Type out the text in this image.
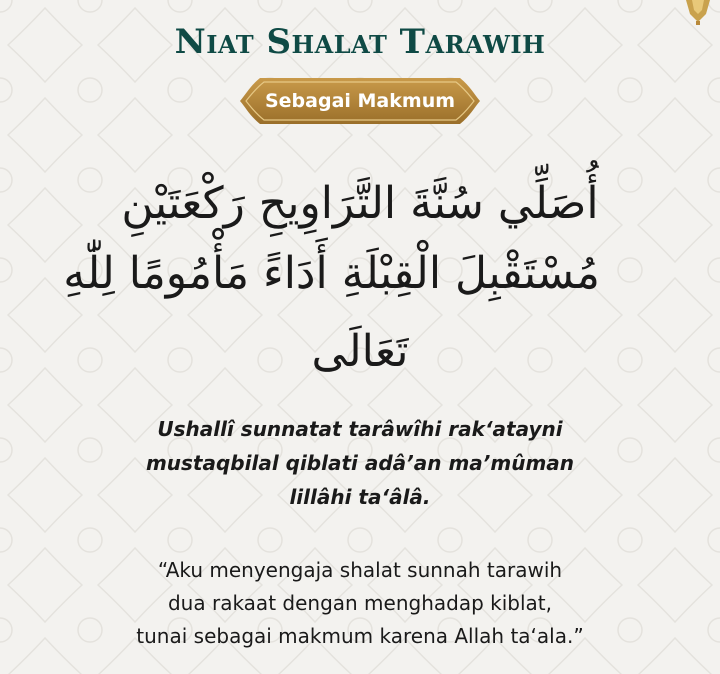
Niat Shalat Tarawih
Sebagai Makmum
أُصَلِّي سُنَّةَ التَّرَاوِيحِ رَكْعَتَيْنِ
مُسْتَقْبِلَ الْقِبْلَةِ أَدَاءً مَأْمُومًا لِلّٰهِ
تَعَالَى
Ushallî sunnatat tarâwîhi rak‘atayni
mustaqbilal qiblati adâ’an ma’mûman
lillâhi ta‘âlâ.
“Aku menyengaja shalat sunnah tarawih
dua rakaat dengan menghadap kiblat,
tunai sebagai makmum karena Allah ta‘ala.”
